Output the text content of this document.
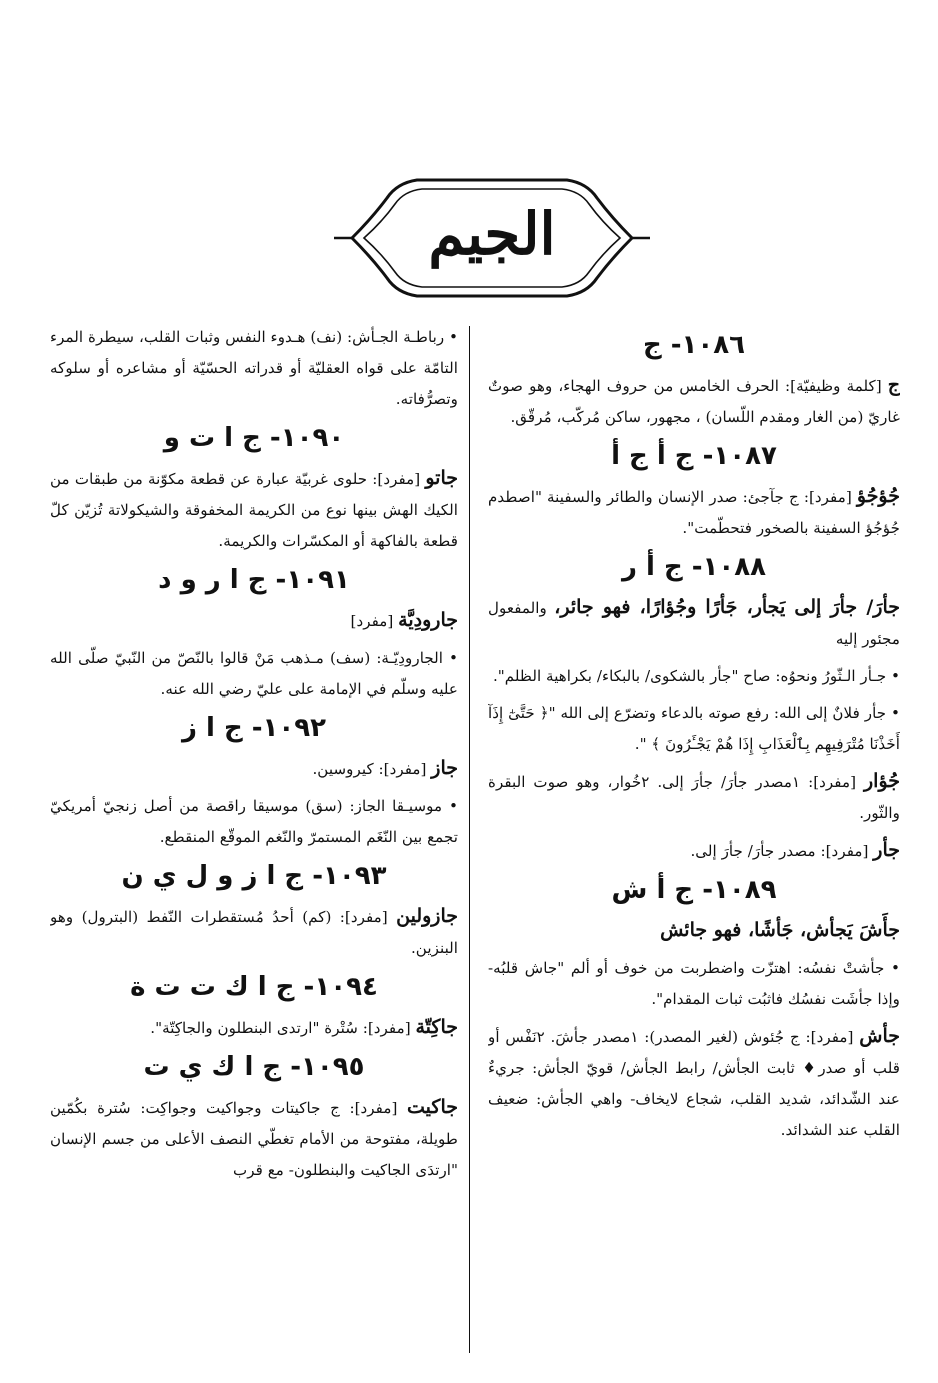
الجيم
١٠٨٦- ج

ج [كلمة وظيفيّة]: الحرف الخامس من حروف الهجاء، وهو صوتٌ غاريّ (من الغار ومقدم اللّسان) ، مجهور، ساكن مُركّب، مُرقّق.

١٠٨٧- ج أ ج أ

جُؤجُؤ [مفرد]: ج جآجئ: صدر الإنسان والطائر والسفينة "اصطدم جُؤجُؤ السفينة بالصخور فتحطّمت".

١٠٨٨- ج أ ر

جأرَ/ جأرَ إلى يَجأر، جَأرًا وجُؤارًا، فهو جائر، والمفعول مجئور إليه

• جـأر الـثّورُ ونحوُه: صاح "جأر بالشكوى/ بالبكاء/ بكراهية الظلم".

• جأر فلانٌ إلى الله: رفع صوته بالدعاء وتضرّع إلى الله "﴿ حَتَّىٰٓ إِذَآ أَخَذْنَا مُتْرَفِيهِم بِٱلْعَذَابِ إِذَا هُمْ يَجْـَٔرُونَ ﴾ ".

جُؤار [مفرد]: ١مصدر جأرَ/ جأرَ إلى. ٢خُوار، وهو صوت البقرة والثّور.

جأر [مفرد]: مصدر جأرَ/ جأرَ إلى.

١٠٨٩- ج أ ش

جأَشَ يَجأش، جَأشًا، فهو جائش

• جأشتْ نفسُه: اهتزّت واضطربت من خوف أو ألم "جاش قلبُه- وإذا جأشَت نفسُك فاثبُت ثبات المقدام".

جأش [مفرد]: ج جُئوش (لغير المصدر): ١مصدر جأشَ. ٢نَفْس أو قلب أو صدر♦ ثابت الجأش/ رابط الجأش/ قويّ الجأش: جريءٌ عند الشّدائد، شديد القلب، شجاع لايخاف- واهي الجأش: ضعيف القلب عند الشدائد.

• رباطـة الجـأش: (نف) هـدوء النفس وثبات القلب، سيطرة المرء التامّة على قواه العقليّة أو قدراته الحسّيّة أو مشاعره أو سلوكه وتصرُّفاته.

١٠٩٠- ج ا ت و

جاتو [مفرد]: حلوى غربيّة عبارة عن قطعة مكوّنة من طبقات من الكيك الهش بينها نوع من الكريمة المخفوقة والشيكولاتة تُزيّن كلّ قطعة بالفاكهة أو المكسّرات والكريمة.

١٠٩١- ج ا ر و د

جارودِيَّة [مفرد]

• الجارودِيّـة: (سف) مـذهب مَنْ قالوا بالنّصّ من النّبيّ صلّى الله عليه وسلّم في الإمامة على عليّ رضي الله عنه.

١٠٩٢- ج ا ز

جاز [مفرد]: كيروسين.

• موسيـقا الجاز: (سق) موسيقا راقصة من أصل زنجيّ أمريكيّ تجمع بين النّغَم المستمرّ والنّغم الموقّع المنقطع.

١٠٩٣- ج ا ز و ل ي ن

جازولين [مفرد]: (كم) أحدُ مُستقطرات النّفط (البترول) وهو البنزين.

١٠٩٤- ج ا ك ت ت ة

جاكِتّة [مفرد]: سُتْرة "ارتدى البنطلون والجاكِتّة".

١٠٩٥- ج ا ك ي ت

جاكيت [مفرد]: ج جاكيتات وجواكيت وجواكِت: سُترة بكُمّين طويلة، مفتوحة من الأمام تغطّي النصف الأعلى من جسم الإنسان "ارتدَى الجاكيت والبنطلون- مع قرب
